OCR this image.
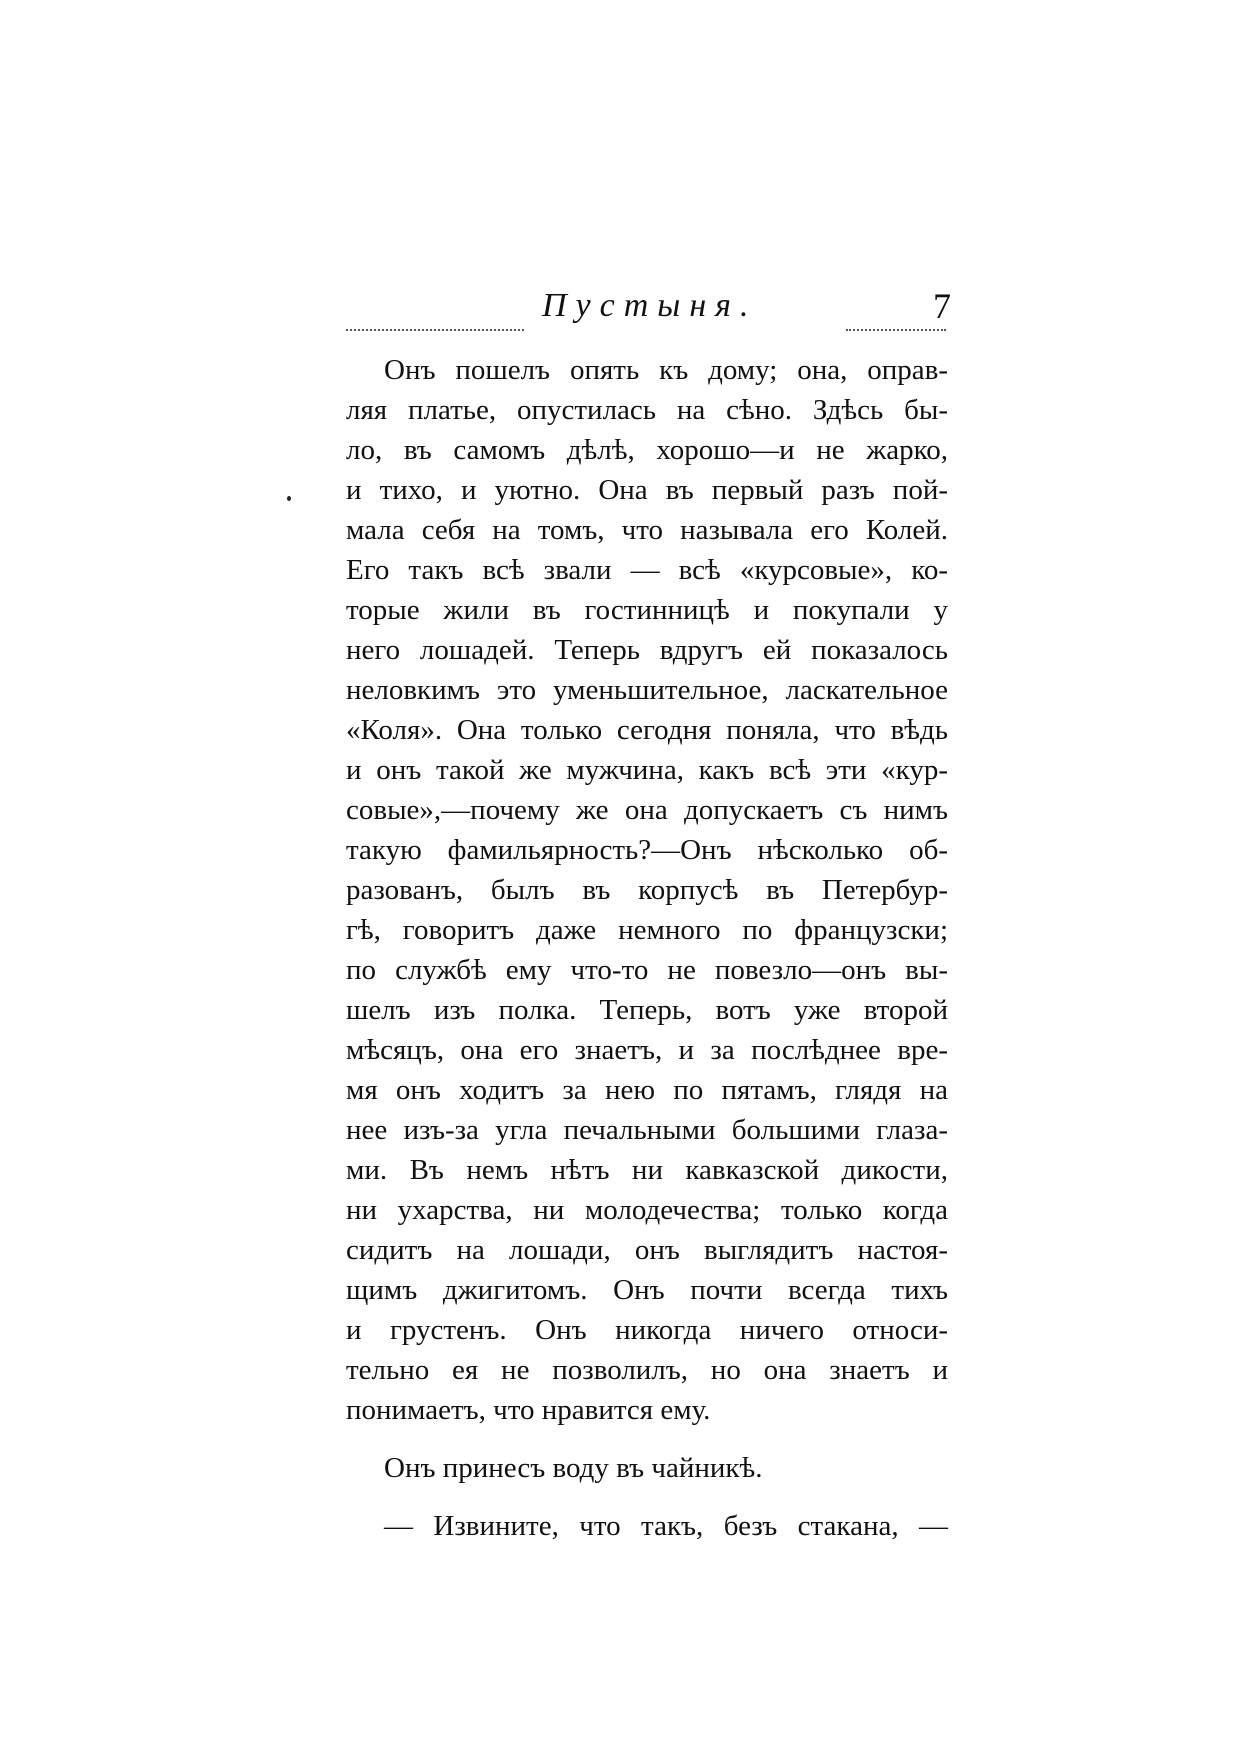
Пустыня.	7
Онъ пошелъ опять къ дому; она, оправ-
ляя платье, опустилась на сѣно. Здѣсь бы-
ло, въ самомъ дѣлѣ, хорошо—и не жарко,
и тихо, и уютно. Она въ первый разъ пой-
мала себя на томъ, что называла его Колей.
Его такъ всѣ звали — всѣ «курсовые», ко-
торые жили въ гостинницѣ и покупали у
него лошадей. Теперь вдругъ ей показалось
неловкимъ это уменьшительное, ласкательное
«Коля». Она только сегодня поняла, что вѣдь
и онъ такой же мужчина, какъ всѣ эти «кур-
совые»,—почему же она допускаетъ съ нимъ
такую фамильярность?—Онъ нѣсколько об-
разованъ, былъ въ корпусѣ въ Петербур-
гѣ, говоритъ даже немного по французски;
по службѣ ему что-то не повезло—онъ вы-
шелъ изъ полка. Теперь, вотъ уже второй
мѣсяцъ, она его знаетъ, и за послѣднее вре-
мя онъ ходитъ за нею по пятамъ, глядя на
нее изъ-за угла печальными большими глаза-
ми. Въ немъ нѣтъ ни кавказской дикости,
ни ухарства, ни молодечества; только когда
сидитъ на лошади, онъ выглядитъ настоя-
щимъ джигитомъ. Онъ почти всегда тихъ
и грустенъ. Онъ никогда ничего относи-
тельно ея не позволилъ, но она знаетъ и
понимаетъ, что нравится ему.
Онъ принесъ воду въ чайникѣ.
— Извините, что такъ, безъ стакана, —
